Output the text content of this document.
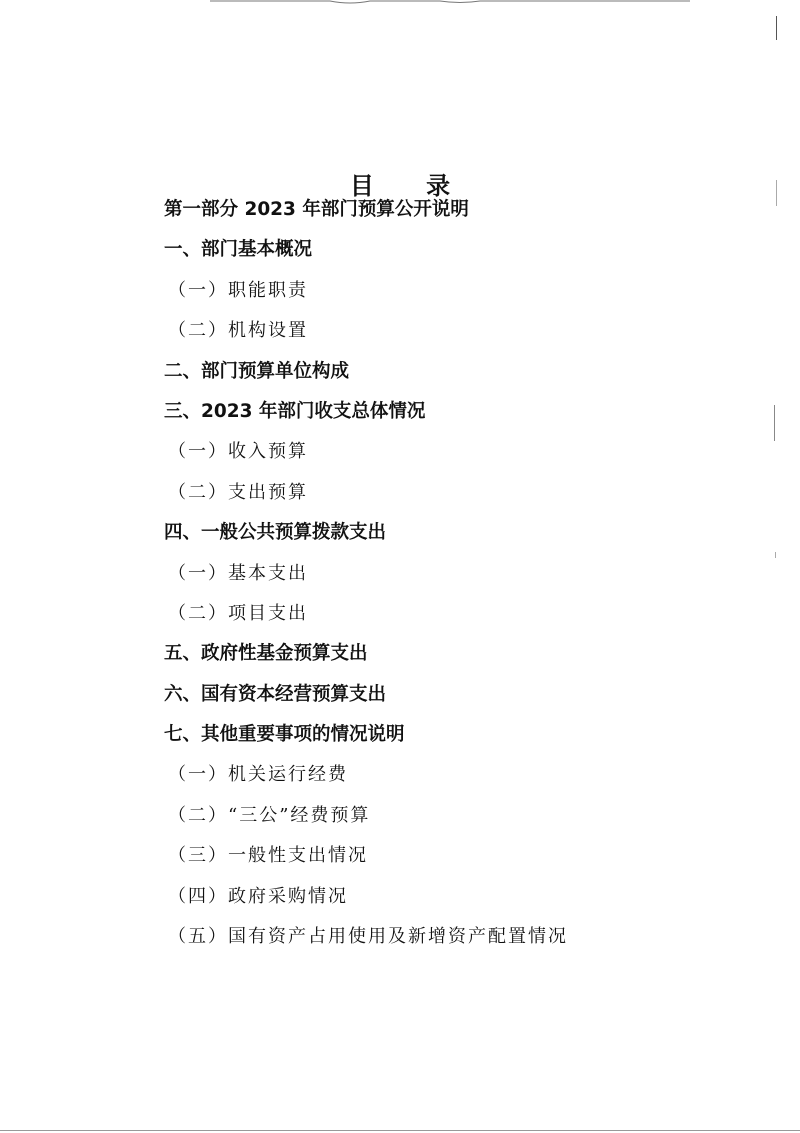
目 录
第一部分 2023 年部门预算公开说明
一、部门基本概况
（一）职能职责
（二）机构设置
二、部门预算单位构成
三、2023 年部门收支总体情况
（一）收入预算
（二）支出预算
四、一般公共预算拨款支出
（一）基本支出
（二）项目支出
五、政府性基金预算支出
六、国有资本经营预算支出
七、其他重要事项的情况说明
（一）机关运行经费
（二）“三公”经费预算
（三）一般性支出情况
（四）政府采购情况
（五）国有资产占用使用及新增资产配置情况
